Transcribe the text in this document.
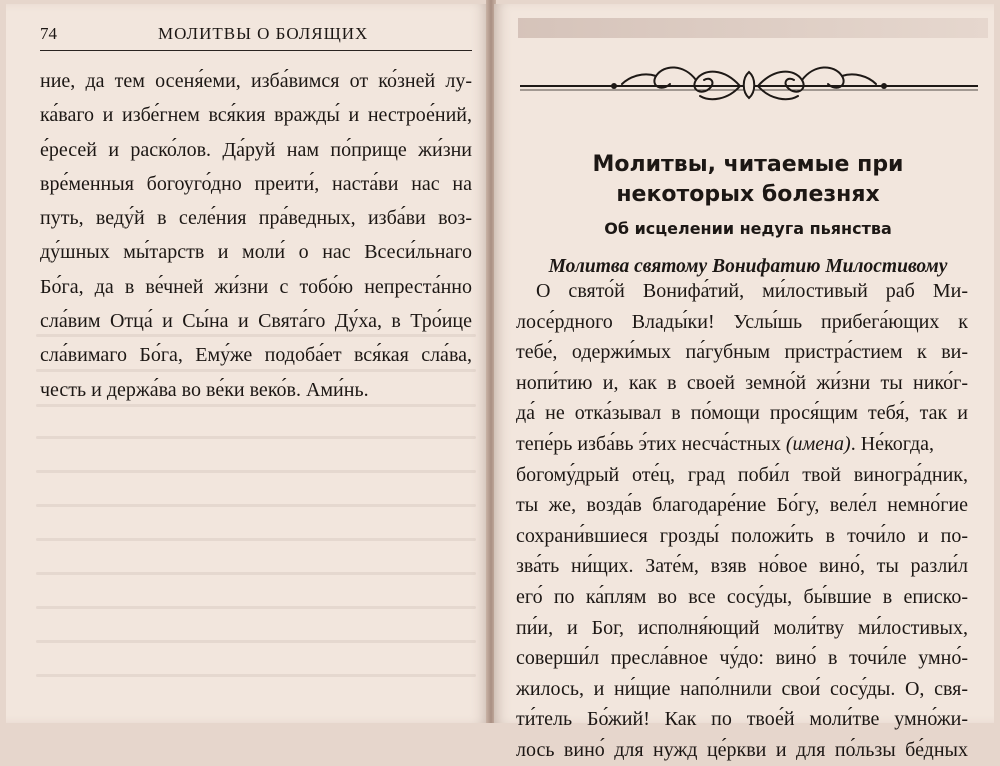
74	МОЛИТВЫ О БОЛЯЩИХ
ние, да тем осеня́еми, изба́вимся от ко́зней лу-
ка́ваго и избе́гнем вся́кия вражды́ и нестрое́ний,
е́ресей и раско́лов. Да́руй нам по́прище жи́зни
вре́менныя богоуго́дно преити́, наста́ви нас на
путь, веду́й в селе́ния пра́ведных, изба́ви воз-
ду́шных мы́тарств и моли́ о нас Всеси́льнаго
Бо́га, да в ве́чней жи́зни с тобо́ю непреста́нно
сла́вим Отца́ и Сы́на и Свята́го Ду́ха, в Тро́ице
сла́вимаго Бо́га, Ему́же подоба́ет вся́кая сла́ва,
честь и держа́ва во ве́ки веко́в. Ами́нь.
Молитвы, читаемые при
некоторых болезнях
Об исцелении недуга пьянства
Молитва святому Вонифатию Милостивому
О свято́й Вонифа́тий, ми́лостивый раб Ми-
лосе́рдного Влады́ки! Услы́шь прибега́ющих к
тебе́, одержи́мых па́губным пристра́стием к ви-
нопи́тию и, как в своей земно́й жи́зни ты нико́г-
да́ не отка́зывал в по́мощи прося́щим тебя́, так и
тепе́рь изба́вь э́тих несча́стных (имена). Не́когда,
богому́дрый оте́ц, град поби́л твой виногра́дник,
ты же, возда́в благодаре́ние Бо́гу, веле́л немно́гие
сохрани́вшиеся грозды́ положи́ть в точи́ло и по-
зва́ть ни́щих. Зате́м, взяв но́вое вино́, ты разли́л
его́ по ка́плям во все сосу́ды, бы́вшие в еписко-
пи́и, и Бог, исполня́ющий моли́тву ми́лостивых,
соверши́л пресла́вное чу́до: вино́ в точи́ле умно́-
жилось, и ни́щие напо́лнили свои́ сосу́ды. О, свя-
ти́тель Бо́жий! Как по твое́й моли́тве умно́жи-
лось вино́ для нужд це́ркви и для по́льзы бе́дных
